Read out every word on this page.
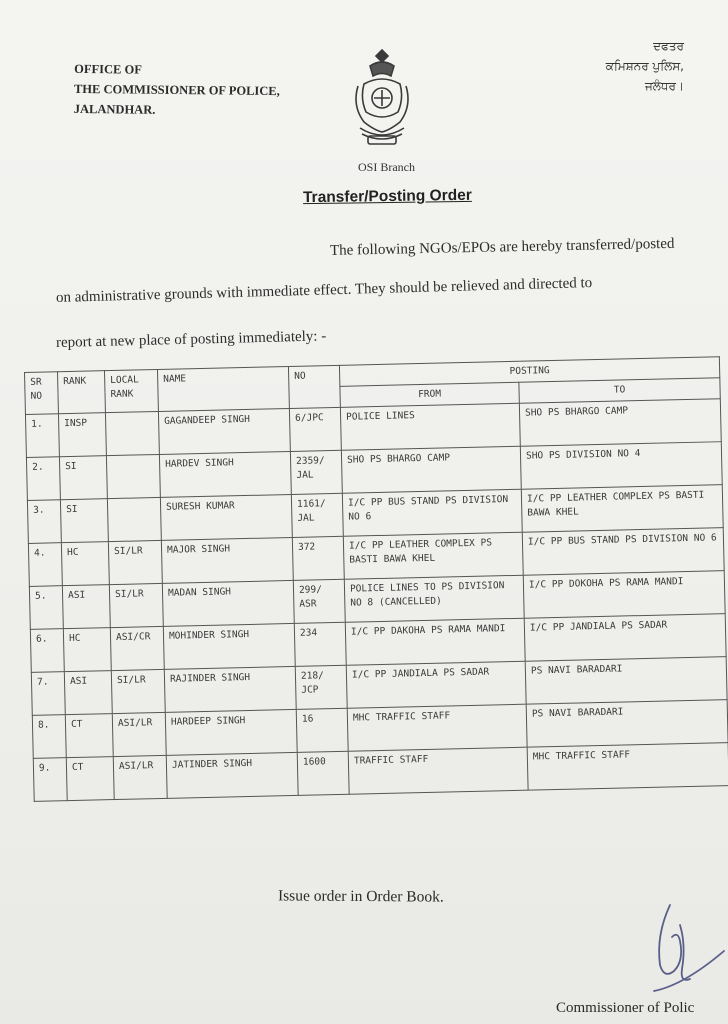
OFFICE OF
THE COMMISSIONER OF POLICE,
JALANDHAR.
ਦਫਤਰ
ਕਮਿਸ਼ਨਰ ਪੁਲਿਸ,
ਜਲੰਧਰ।
OSI Branch
Transfer/Posting Order
The following NGOs/EPOs are hereby transferred/posted
on administrative grounds with immediate effect. They should be relieved and directed to
report at new place of posting immediately: -
SR NO	RANK	LOCAL RANK	NAME	NO	POSTING	
					FROM	TO
1.	INSP		GAGANDEEP SINGH	6/JPC	POLICE LINES	SHO PS BHARGO CAMP
2.	SI		HARDEV SINGH	2359/ JAL	SHO PS BHARGO CAMP	SHO PS DIVISION NO 4
3.	SI		SURESH KUMAR	1161/ JAL	I/C PP BUS STAND PS DIVISION NO 6	I/C PP LEATHER COMPLEX PS BASTI BAWA KHEL
4.	HC	SI/LR	MAJOR SINGH	372	I/C PP LEATHER COMPLEX PS BASTI BAWA KHEL	I/C PP BUS STAND PS DIVISION NO 6
5.	ASI	SI/LR	MADAN SINGH	299/ ASR	POLICE LINES TO PS DIVISION NO 8 (CANCELLED)	I/C PP DOKOHA PS RAMA MANDI
6.	HC	ASI/CR	MOHINDER SINGH	234	I/C PP DAKOHA PS RAMA MANDI	I/C PP JANDIALA PS SADAR
7.	ASI	SI/LR	RAJINDER SINGH	218/ JCP	I/C PP JANDIALA PS SADAR	PS NAVI BARADARI
8.	CT	ASI/LR	HARDEEP SINGH	16	MHC TRAFFIC STAFF	PS NAVI BARADARI
9.	CT	ASI/LR	JATINDER SINGH	1600	TRAFFIC STAFF	MHC TRAFFIC STAFF
Issue order in Order Book.
Commissioner of Polic
